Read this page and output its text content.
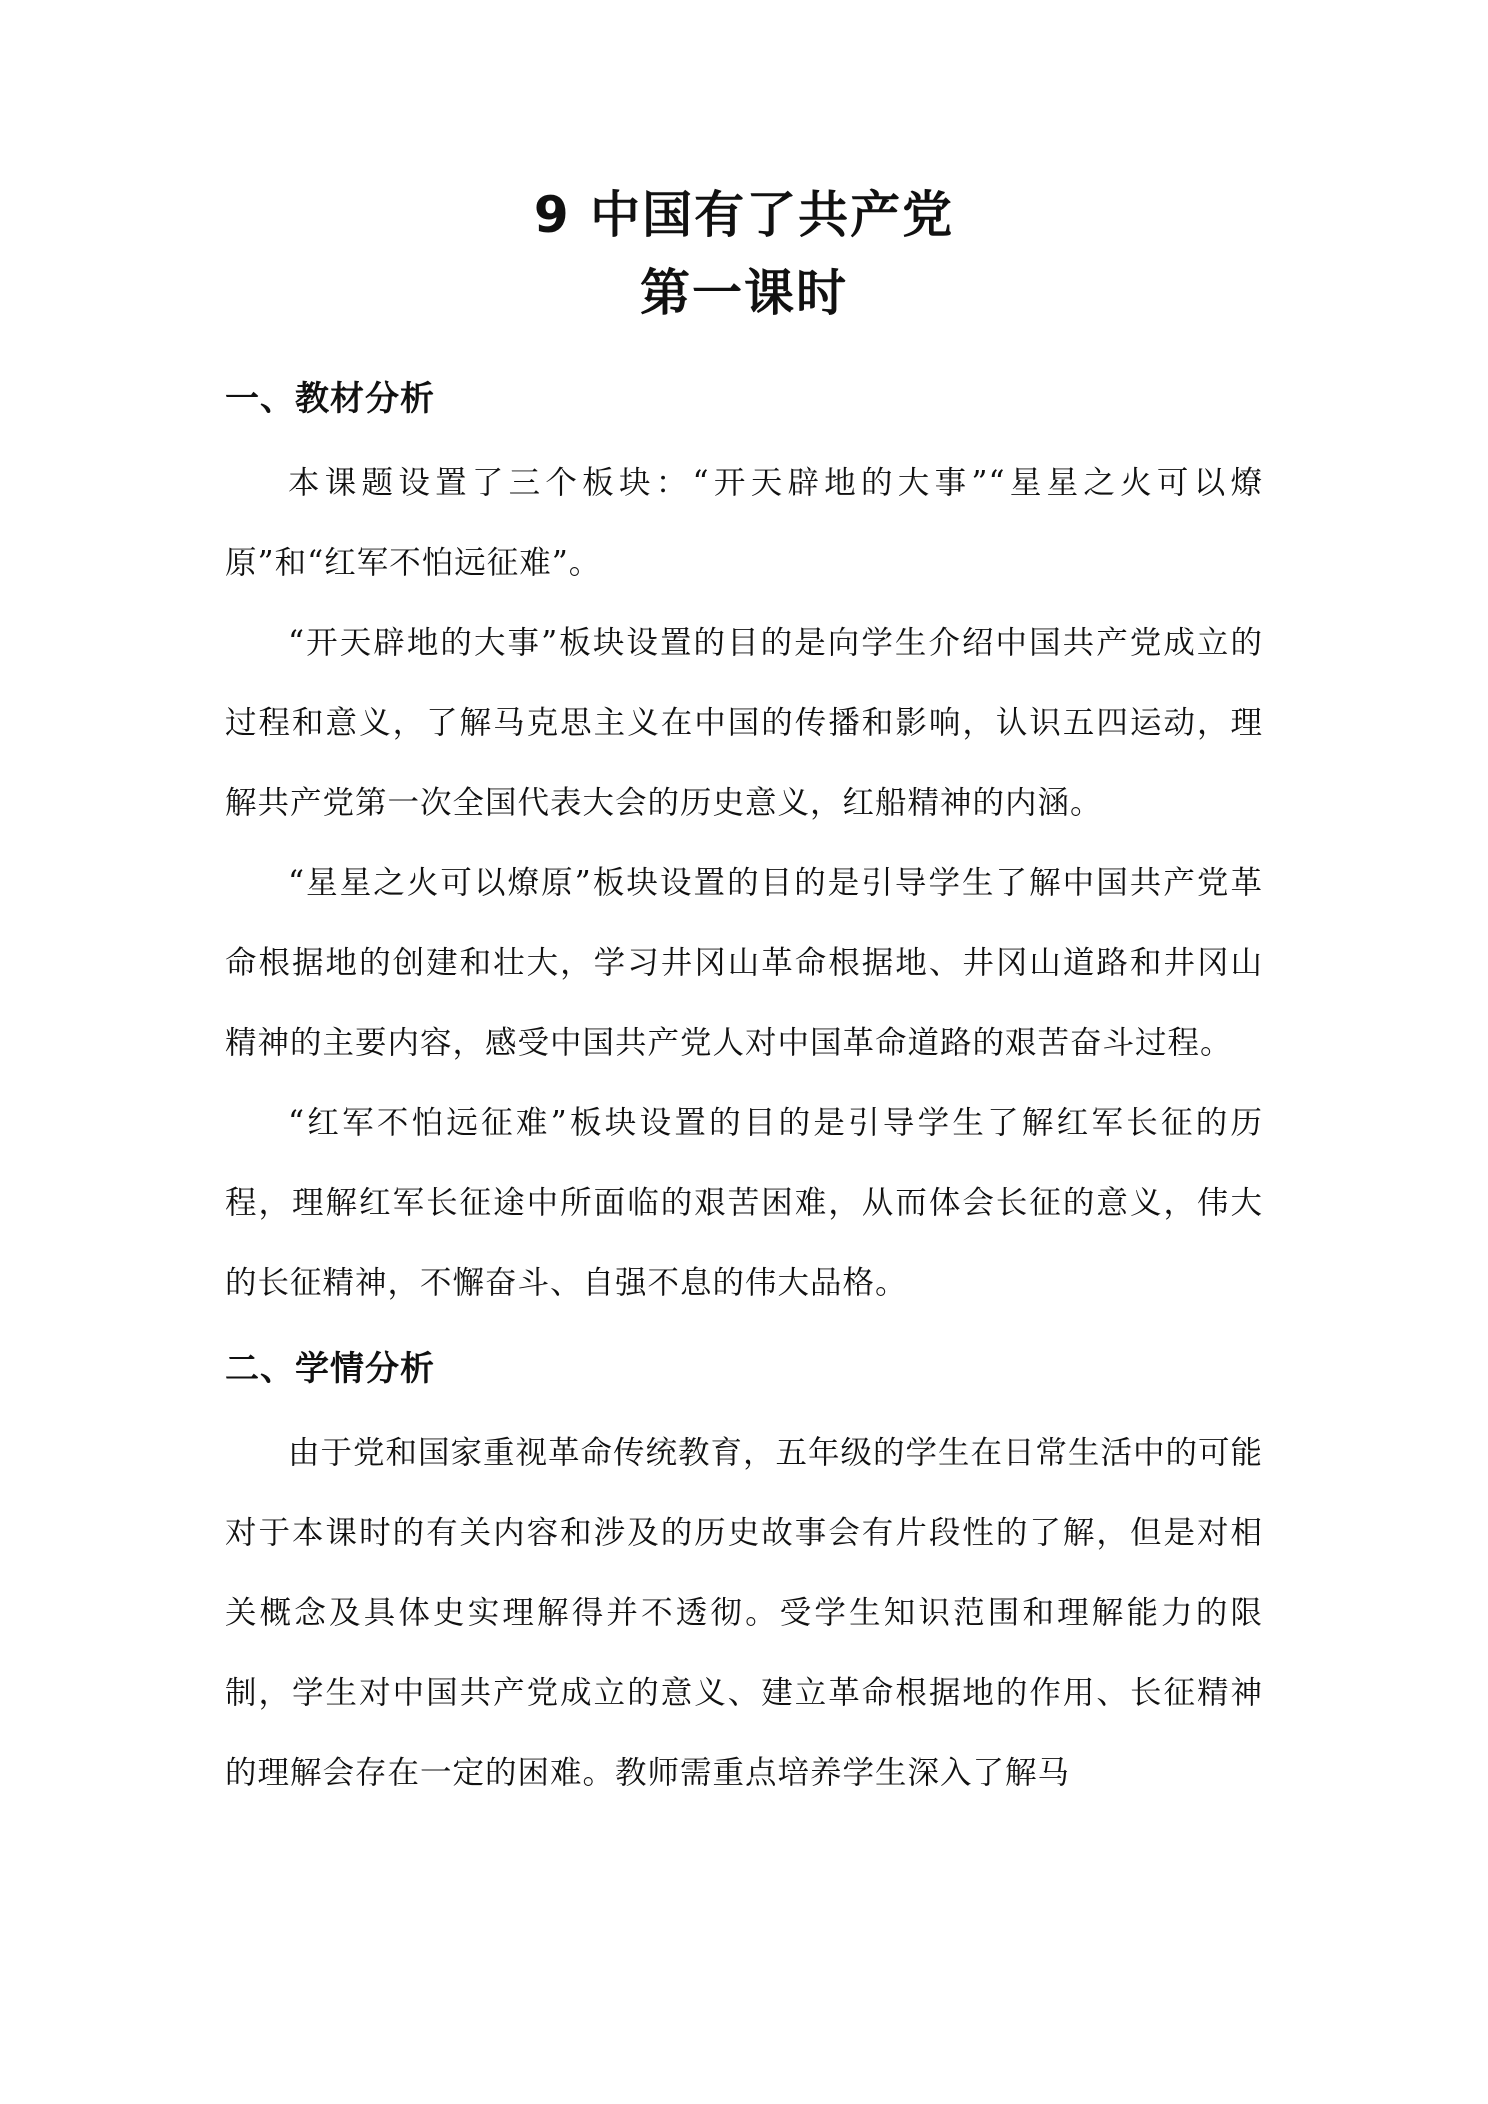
9 中国有了共产党
第一课时
一、教材分析

本课题设置了三个板块：“开天辟地的大事”“星星之火可以燎原”和“红军不怕远征难”。

“开天辟地的大事”板块设置的目的是向学生介绍中国共产党成立的过程和意义，了解马克思主义在中国的传播和影响，认识五四运动，理解共产党第一次全国代表大会的历史意义，红船精神的内涵。

“星星之火可以燎原”板块设置的目的是引导学生了解中国共产党革命根据地的创建和壮大，学习井冈山革命根据地、井冈山道路和井冈山精神的主要内容，感受中国共产党人对中国革命道路的艰苦奋斗过程。

“红军不怕远征难”板块设置的目的是引导学生了解红军长征的历程，理解红军长征途中所面临的艰苦困难，从而体会长征的意义，伟大的长征精神，不懈奋斗、自强不息的伟大品格。

二、学情分析

由于党和国家重视革命传统教育，五年级的学生在日常生活中的可能对于本课时的有关内容和涉及的历史故事会有片段性的了解，但是对相关概念及具体史实理解得并不透彻。受学生知识范围和理解能力的限制，学生对中国共产党成立的意义、建立革命根据地的作用、长征精神的理解会存在一定的困难。教师需重点培养学生深入了解马
